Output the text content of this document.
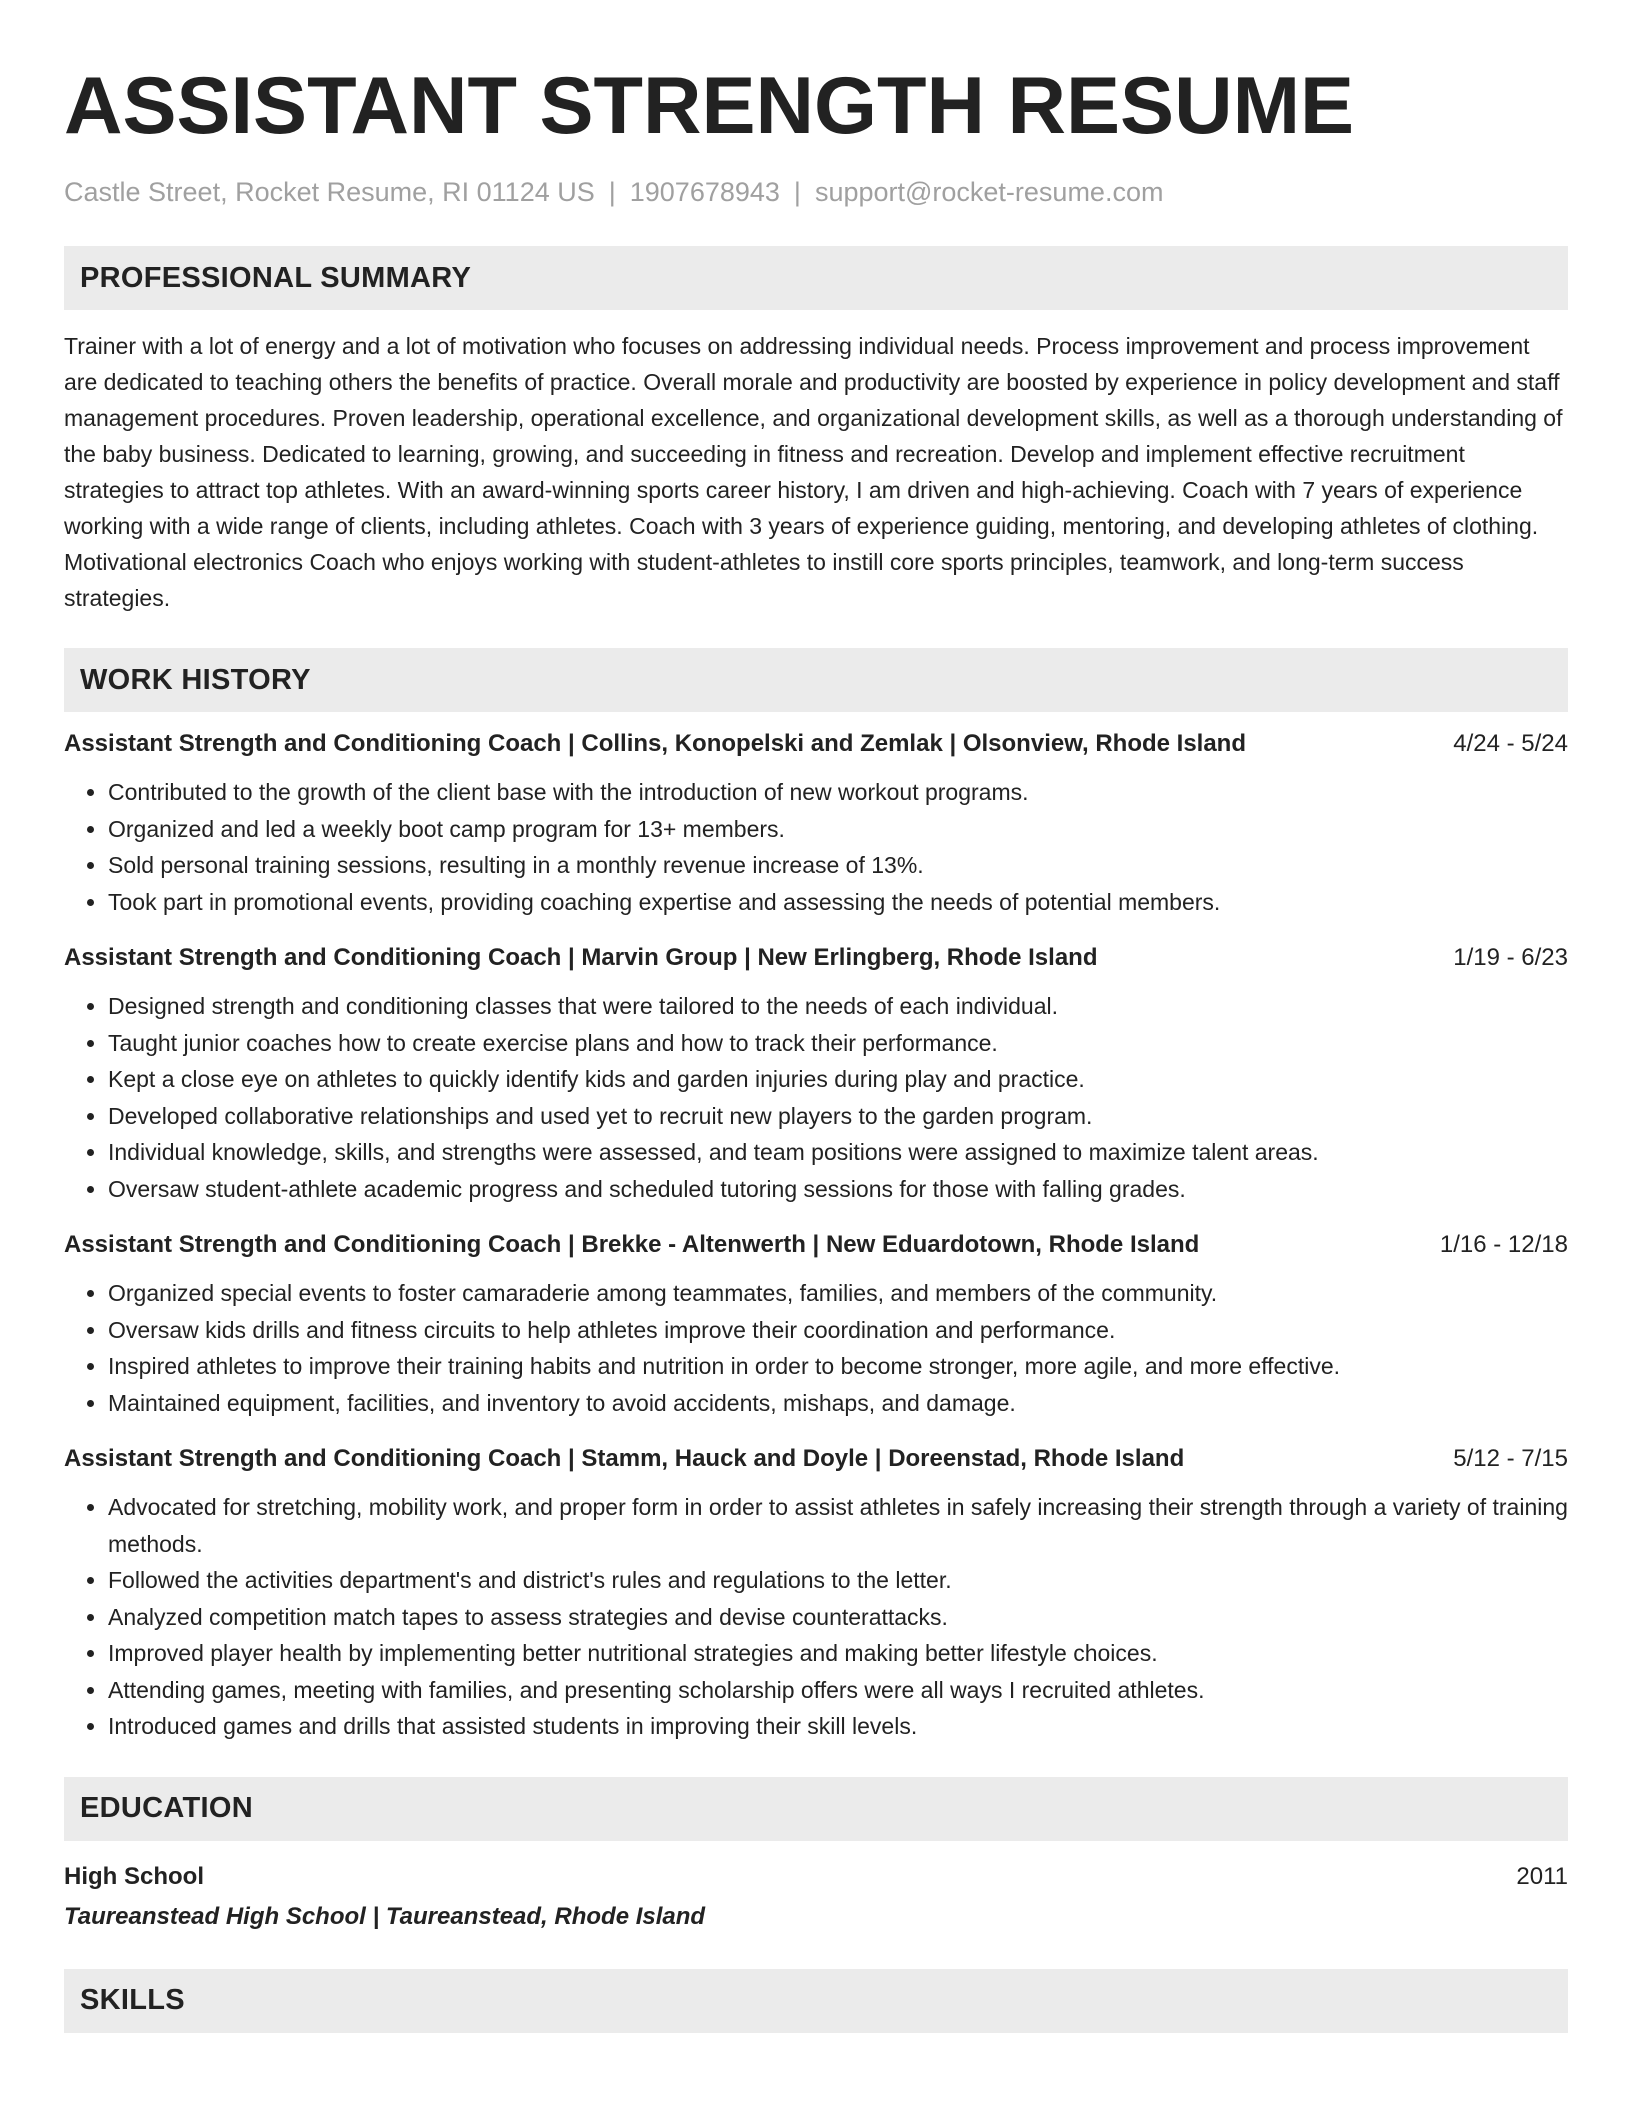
ASSISTANT STRENGTH RESUME
Castle Street, Rocket Resume, RI 01124 US | 1907678943 | support@rocket-resume.com
PROFESSIONAL SUMMARY
Trainer with a lot of energy and a lot of motivation who focuses on addressing individual needs. Process improvement and process improvement are dedicated to teaching others the benefits of practice. Overall morale and productivity are boosted by experience in policy development and staff management procedures. Proven leadership, operational excellence, and organizational development skills, as well as a thorough understanding of the baby business. Dedicated to learning, growing, and succeeding in fitness and recreation. Develop and implement effective recruitment strategies to attract top athletes. With an award-winning sports career history, I am driven and high-achieving. Coach with 7 years of experience working with a wide range of clients, including athletes. Coach with 3 years of experience guiding, mentoring, and developing athletes of clothing. Motivational electronics Coach who enjoys working with student-athletes to instill core sports principles, teamwork, and long-term success strategies.
WORK HISTORY
Assistant Strength and Conditioning Coach | Collins, Konopelski and Zemlak | Olsonview, Rhode Island	4/24 - 5/24
• Contributed to the growth of the client base with the introduction of new workout programs.
• Organized and led a weekly boot camp program for 13+ members.
• Sold personal training sessions, resulting in a monthly revenue increase of 13%.
• Took part in promotional events, providing coaching expertise and assessing the needs of potential members.
Assistant Strength and Conditioning Coach | Marvin Group | New Erlingberg, Rhode Island	1/19 - 6/23
• Designed strength and conditioning classes that were tailored to the needs of each individual.
• Taught junior coaches how to create exercise plans and how to track their performance.
• Kept a close eye on athletes to quickly identify kids and garden injuries during play and practice.
• Developed collaborative relationships and used yet to recruit new players to the garden program.
• Individual knowledge, skills, and strengths were assessed, and team positions were assigned to maximize talent areas.
• Oversaw student-athlete academic progress and scheduled tutoring sessions for those with falling grades.
Assistant Strength and Conditioning Coach | Brekke - Altenwerth | New Eduardotown, Rhode Island	1/16 - 12/18
• Organized special events to foster camaraderie among teammates, families, and members of the community.
• Oversaw kids drills and fitness circuits to help athletes improve their coordination and performance.
• Inspired athletes to improve their training habits and nutrition in order to become stronger, more agile, and more effective.
• Maintained equipment, facilities, and inventory to avoid accidents, mishaps, and damage.
Assistant Strength and Conditioning Coach | Stamm, Hauck and Doyle | Doreenstad, Rhode Island	5/12 - 7/15
• Advocated for stretching, mobility work, and proper form in order to assist athletes in safely increasing their strength through a variety of training methods.
• Followed the activities department's and district's rules and regulations to the letter.
• Analyzed competition match tapes to assess strategies and devise counterattacks.
• Improved player health by implementing better nutritional strategies and making better lifestyle choices.
• Attending games, meeting with families, and presenting scholarship offers were all ways I recruited athletes.
• Introduced games and drills that assisted students in improving their skill levels.
EDUCATION
High School	2011
Taureanstead High School | Taureanstead, Rhode Island
SKILLS
